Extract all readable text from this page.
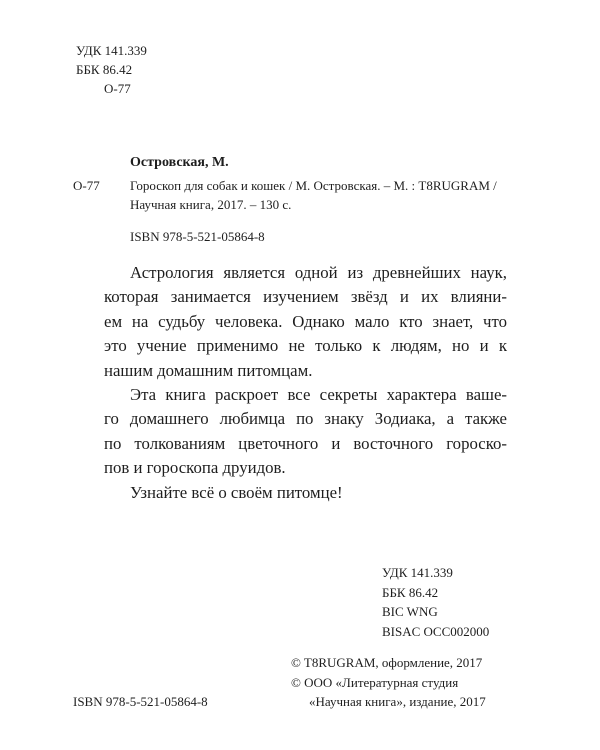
УДК 141.339
ББК 86.42
О-77
Островская, М.
О-77 Гороскоп для собак и кошек / М. Островская. – М. : T8RUGRAM /
Научная книга, 2017. – 130 с.
ISBN 978-5-521-05864-8
Астрология является одной из древнейших наук,
которая занимается изучением звёзд и их влияни-
ем на судьбу человека. Однако мало кто знает, что
это учение применимо не только к людям, но и к
нашим домашним питомцам.
Эта книга раскроет все секреты характера ваше-
го домашнего любимца по знаку Зодиака, а также
по толкованиям цветочного и восточного гороско-
пов и гороскопа друидов.
Узнайте всё о своём питомце!
УДК 141.339
ББК 86.42
BIC WNG
BISAC OCC002000
© T8RUGRAM, оформление, 2017
© ООО «Литературная студия
«Научная книга», издание, 2017
ISBN 978-5-521-05864-8
